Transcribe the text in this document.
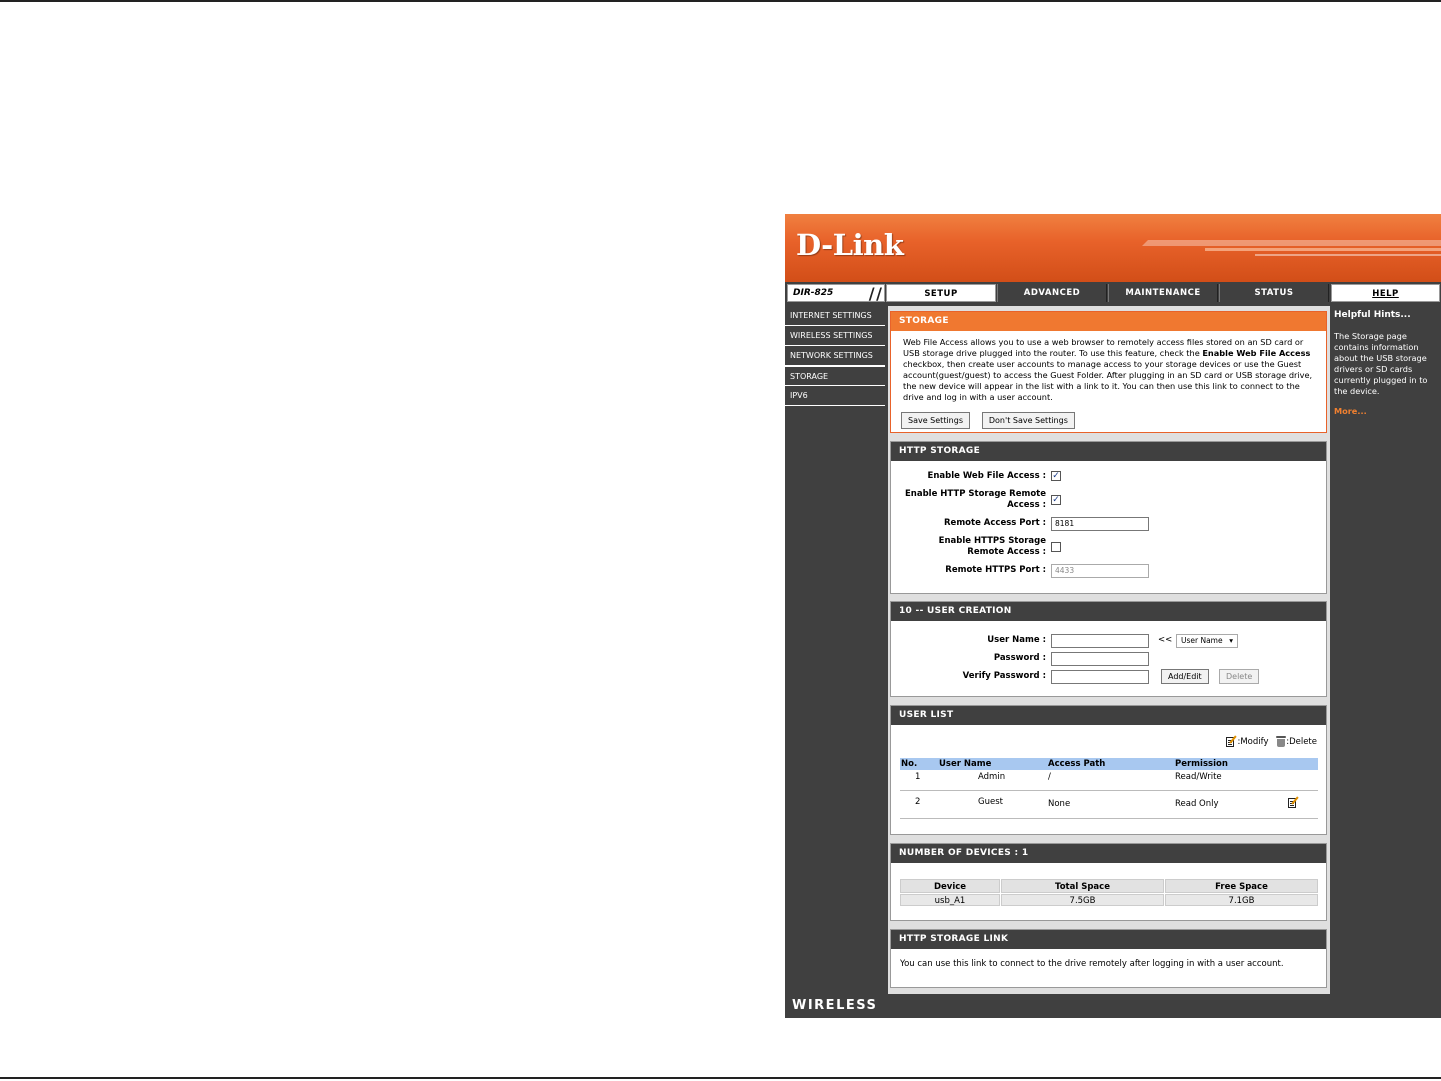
D-Link
DIR-825 / /	SETUP	ADVANCED	MAINTENANCE	STATUS	HELP
INTERNET SETTINGS
WIRELESS SETTINGS
NETWORK SETTINGS
STORAGE
IPV6
STORAGE
Web File Access allows you to use a web browser to remotely access files stored on an SD card or USB storage drive plugged into the router. To use this feature, check the Enable Web File Access checkbox, then create user accounts to manage access to your storage devices or use the Guest account(guest/guest) to access the Guest Folder. After plugging in an SD card or USB storage drive, the new device will appear in the list with a link to it. You can then use this link to connect to the drive and log in with a user account.
Save Settings	Don't Save Settings
HTTP STORAGE
Enable Web File Access : ✓
Enable HTTP Storage Remote
Access : ✓
Remote Access Port :	8181
Enable HTTPS Storage
Remote Access :
Remote HTTPS Port :	4433
10 -- USER CREATION
User Name :	<<	User Name ▾
Password :
Verify Password :	Add/Edit	Delete
USER LIST
:Modify :Delete
No.	User Name	Access Path	Permission
1	Admin	/	Read/Write
2	Guest	None	Read Only
NUMBER OF DEVICES : 1
Device	Total Space	Free Space
usb_A1	7.5GB	7.1GB
HTTP STORAGE LINK
You can use this link to connect to the drive remotely after logging in with a user account.
Helpful Hints...
The Storage page contains information about the USB storage drivers or SD cards currently plugged in to the device.
More...
WIRELESS
